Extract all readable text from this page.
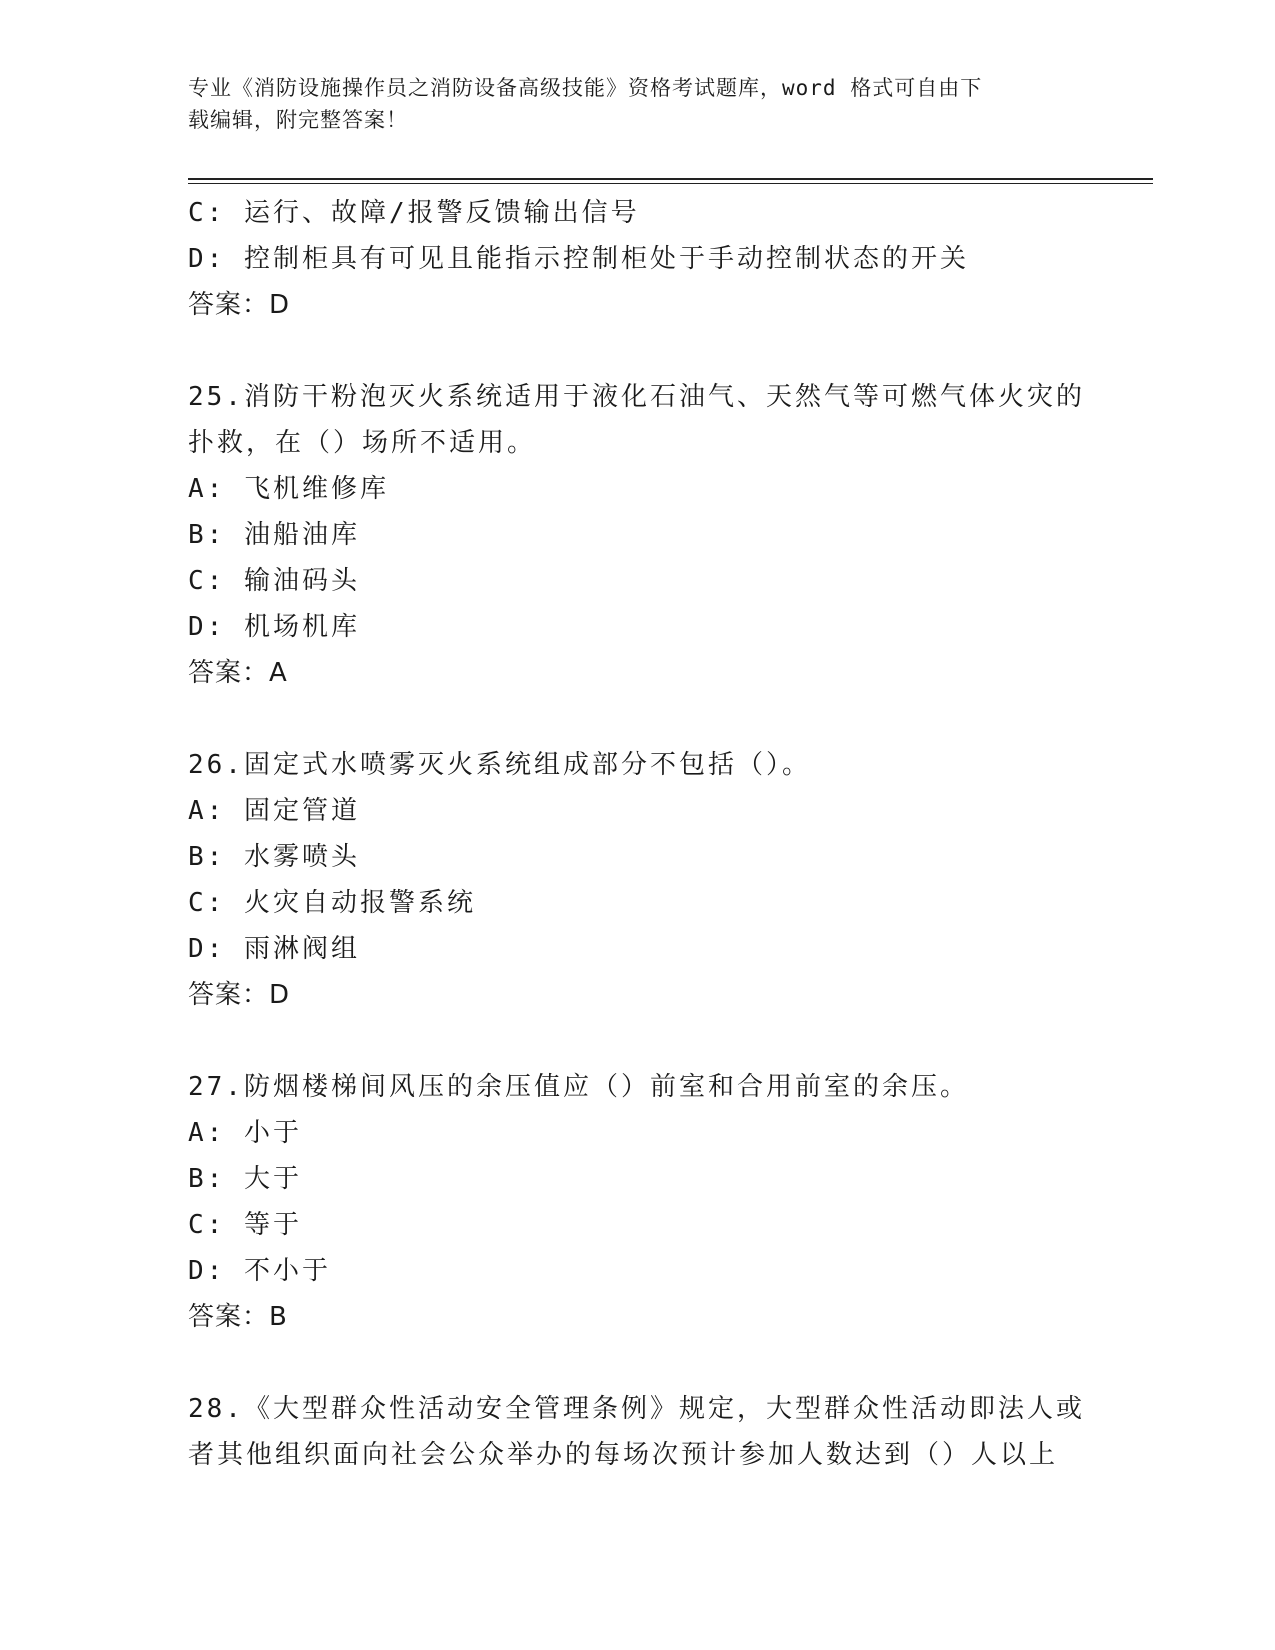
专业《消防设施操作员之消防设备高级技能》资格考试题库，word 格式可自由下
载编辑，附完整答案！
C: 运行、故障/报警反馈输出信号
D: 控制柜具有可见且能指示控制柜处于手动控制状态的开关
答案：D
25.消防干粉泡灭火系统适用于液化石油气、天然气等可燃气体火灾的
扑救，在（）场所不适用。
A: 飞机维修库
B: 油船油库
C: 输油码头
D: 机场机库
答案：A
26.固定式水喷雾灭火系统组成部分不包括（）。
A: 固定管道
B: 水雾喷头
C: 火灾自动报警系统
D: 雨淋阀组
答案：D
27.防烟楼梯间风压的余压值应（）前室和合用前室的余压。
A: 小于
B: 大于
C: 等于
D: 不小于
答案：B
28.《大型群众性活动安全管理条例》规定，大型群众性活动即法人或
者其他组织面向社会公众举办的每场次预计参加人数达到（）人以上
